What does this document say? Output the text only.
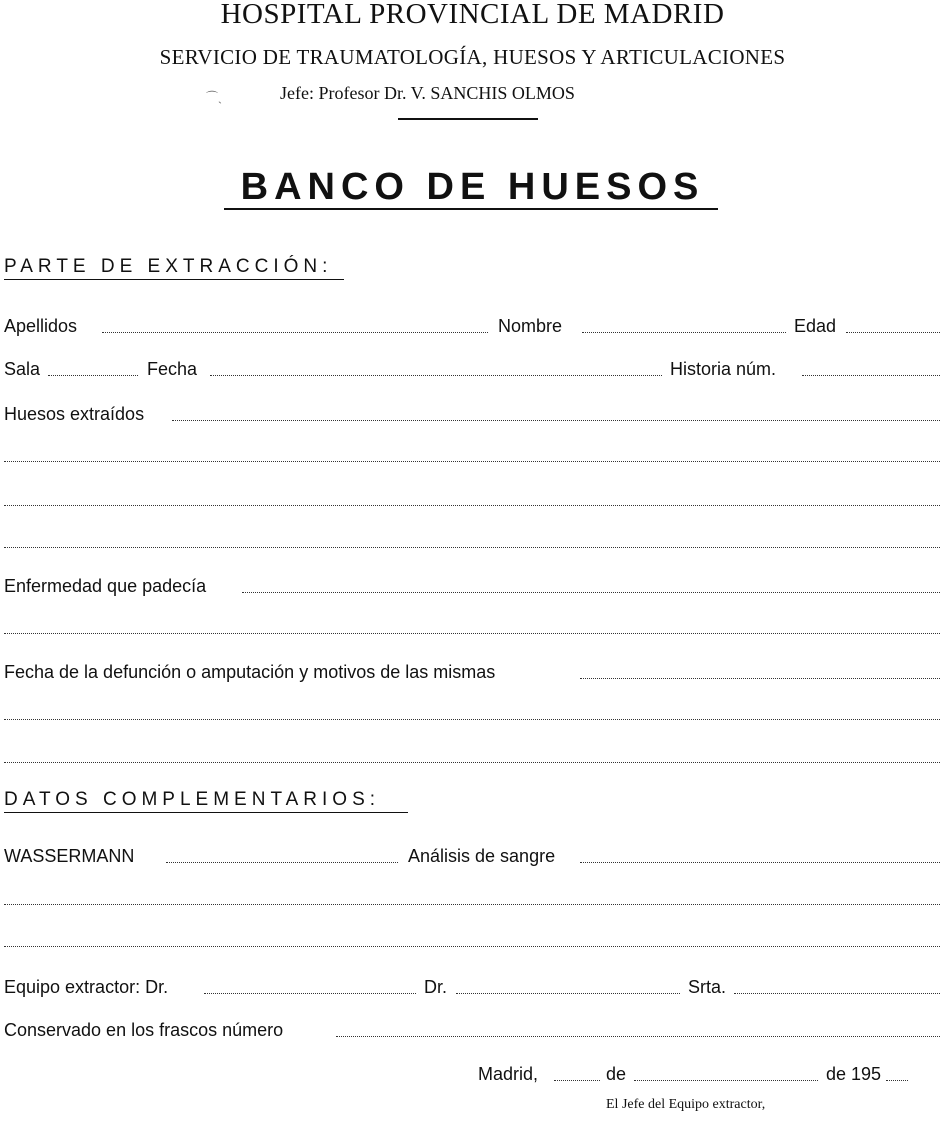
HOSPITAL PROVINCIAL DE MADRID
SERVICIO DE TRAUMATOLOGÍA, HUESOS Y ARTICULACIONES
⌒ˎ	Jefe: Profesor Dr. V. SANCHIS OLMOS
BANCO DE HUESOS
PARTE DE EXTRACCIÓN:
Apellidos	Nombre	Edad
Sala	Fecha	Historia núm.
Huesos extraídos
Enfermedad que padecía
Fecha de la defunción o amputación y motivos de las mismas
DATOS COMPLEMENTARIOS:
WASSERMANN	Análisis de sangre
Equipo extractor: Dr.	Dr.	Srta.
Conservado en los frascos número
Madrid,	de	de 195
El Jefe del Equipo extractor,
